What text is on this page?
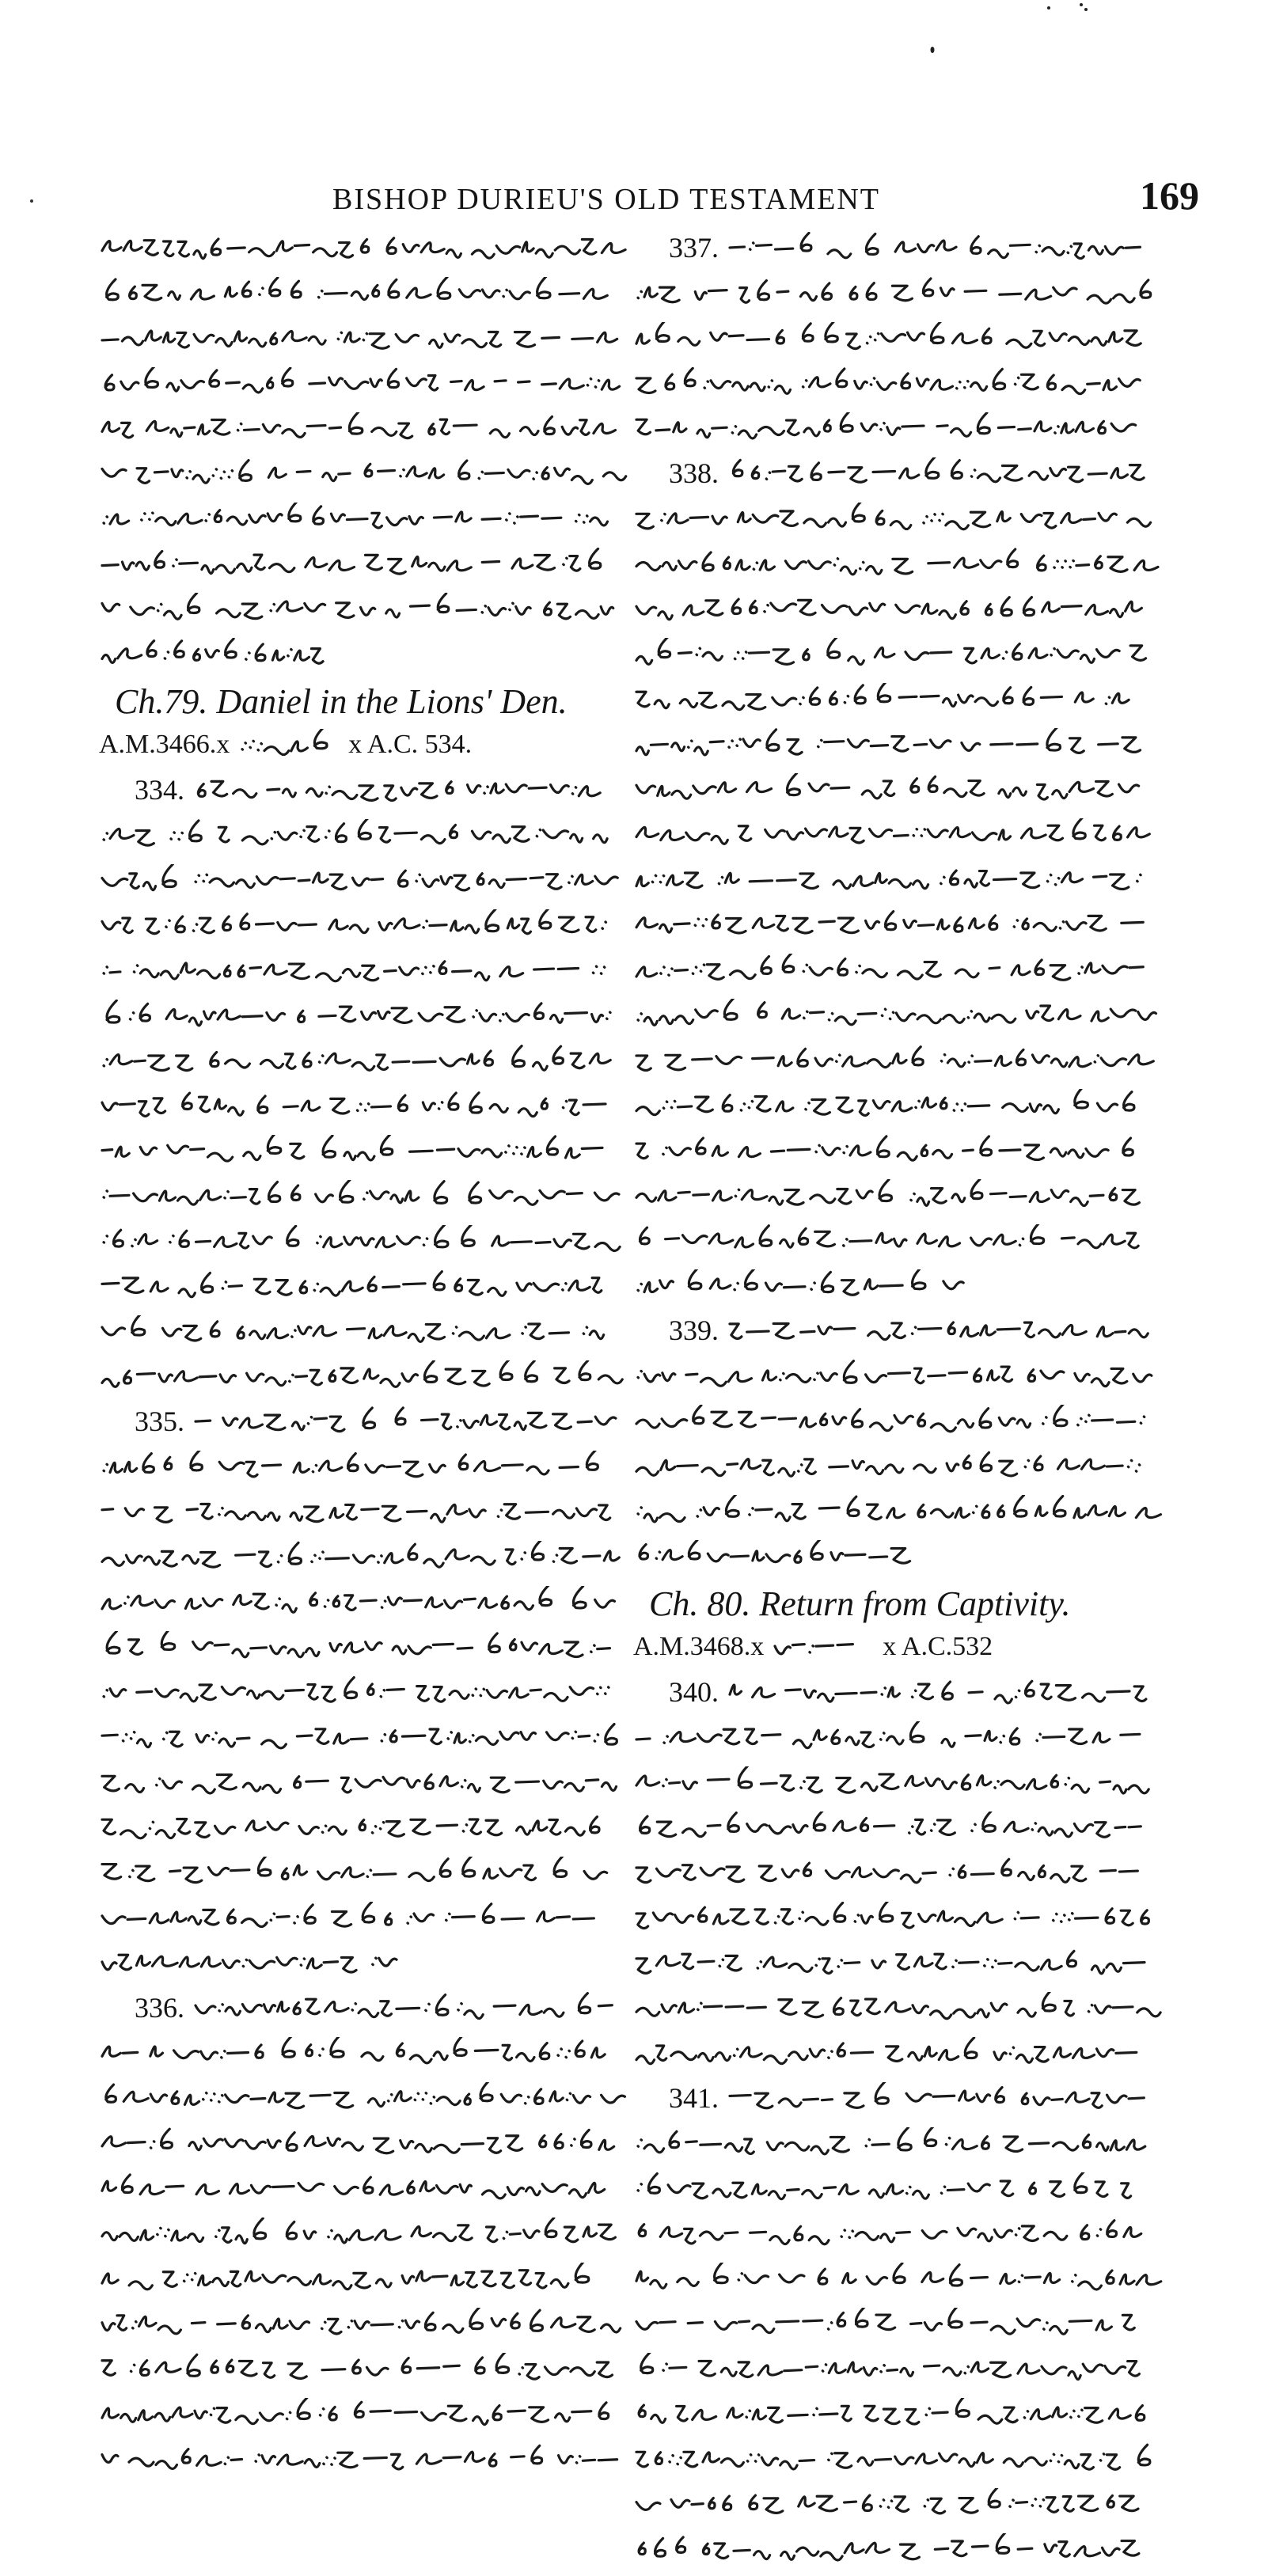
BISHOP DURIEU'S OLD TESTAMENT	169
Ch.79. Daniel in the Lions' Den.
A.M.3466.x	x A.C. 534.
334.
335.
336.
337.
338.
339.
Ch. 80. Return from Captivity.
A.M.3468.x	x A.C.532
340.
341.
